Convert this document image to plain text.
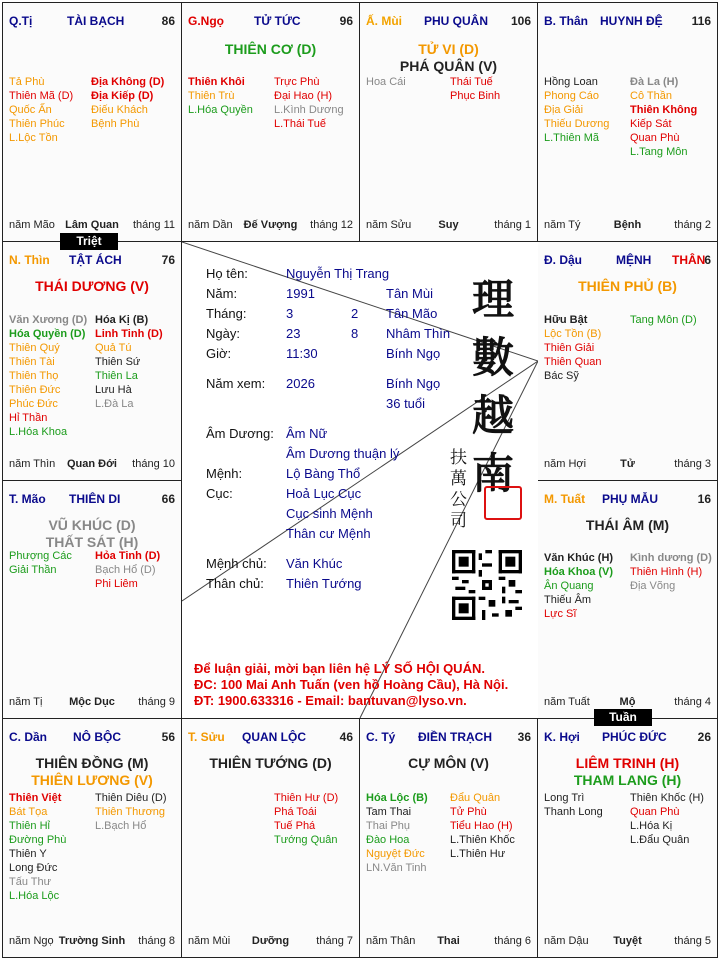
Q.Tị	TÀI BẠCH	86
Tả Phù
Thiên Mã (D)
Quốc Ấn
Thiên Phúc
L.Lộc Tồn
Địa Không (D)
Địa Kiếp (D)
Điếu Khách
Bệnh Phù
năm Mão Lâm Quan	tháng 11
G.Ngọ	TỬ TỨC	96
THIÊN CƠ (D)
Thiên Khôi
Thiên Trù
L.Hóa Quyền
Trực Phù
Đại Hao (H)
L.Kình Dương
L.Thái Tuế
năm Dần	Đế Vượng	tháng 12
Ấ. Mùi PHU QUÂN 106
TỬ VI (D)
PHÁ QUÂN (V)
Hoa Cái	Thái Tuế
Phục Binh
năm Sửu	Suy	tháng 1
B. Thân HUYNH ĐỆ 116
Hồng Loan
Phong Cáo
Địa Giải
Thiếu Dương
L.Thiên Mã
Đà La (H)
Cô Thần
Thiên Không
Kiếp Sát
Quan Phù
L.Tang Môn
năm Tý	Bệnh	tháng 2
N. Thìn TẬT ÁCH	76
THÁI DƯƠNG (V)
Văn Xương (D)
Hóa Quyền (D)
Thiên Quý
Thiên Tài
Thiên Thọ
Thiên Đức
Phúc Đức
Hỉ Thần
L.Hóa Khoa
Hóa Kị (B)
Linh Tinh (D)
Quả Tú
Thiên Sứ
Thiên La
Lưu Hà
L.Đà La
năm Thìn	Quan Đới	tháng 10
Đ. Dậu	MỆNH THÂN
6
THIÊN PHỦ (B)
Hữu Bật
Lộc Tồn (B)
Thiên Giải
Thiên Quan
Bác Sỹ
Tang Môn (D)
năm Hợi	Tử	tháng 3
T. Mão THIÊN DI	66
VŨ KHÚC (D)
THẤT SÁT (H)
Phượng Các
Giải Thần
Hỏa Tinh (D)
Bạch Hổ (D)
Phi Liêm
năm Tị	Mộc Dục	tháng 9
M. Tuất PHỤ MẪU	16
THÁI ÂM (M)
Văn Khúc (H)
Hóa Khoa (V)
Ân Quang
Thiếu Âm
Lực Sĩ
Kình dương (D)
Thiên Hình (H)
Địa Võng
năm Tuất	Mộ	tháng 4
C. Dần NÔ BỘC	56
THIÊN ĐỒNG (M)
THIÊN LƯƠNG (V)
Thiên Việt
Bát Tọa
Thiên Hỉ
Đường Phù
Thiên Y
Long Đức
Tấu Thư
L.Hóa Lộc
Thiên Diêu (D)
Thiên Thương
L.Bạch Hổ
năm Ngọ Trường Sinh	tháng 8
T. Sửu QUAN LỘC	46
THIÊN TƯỚNG (D)
Thiên Hư (D)
Phá Toái
Tuế Phá
Tướng Quân
năm Mùi	Dưỡng	tháng 7
C. Tý ĐIỀN TRẠCH 36
CỰ MÔN (V)
Hóa Lộc (B)
Tam Thai
Thai Phụ
Đào Hoa
Nguyệt Đức
LN.Văn Tinh
Đẩu Quân
Tử Phù
Tiểu Hao (H)
L.Thiên Khốc
L.Thiên Hư
năm Thân	Thai	tháng 6
K. Hợi PHÚC ĐỨC	26
LIÊM TRINH (H)
THAM LANG (H)
Long Trì
Thanh Long
Thiên Khốc (H)
Quan Phù
L.Hóa Kị
L.Đẩu Quân
năm Dậu	Tuyệt	tháng 5
Họ tên:	Nguyễn Thị Trang
Năm:	1991	Tân Mùi
Tháng:	3	2 Tân Mão
Ngày:	23	8 Nhâm Thìn
Giờ:	11:30	Bính Ngọ
Năm xem: 2026	Bính Ngọ
36 tuổi
Âm Dương: Âm Nữ
Âm Dương thuận lý
Mệnh:	Lộ Bàng Thổ
Cục:	Hoả Lục Cục
Cục sinh Mệnh
Thân cư Mệnh
Mệnh chủ: Văn Khúc
Thân chủ: Thiên Tướng
理
數
越
南
扶
萬
公
司
Để luận giải, mời bạn liên hệ LÝ SỐ HỘI QUÁN.
ĐC: 100 Mai Anh Tuấn (ven hồ Hoàng Cầu), Hà Nội.
ĐT: 1900.633316 - Email: bantuvan@lyso.vn.
Triệt
Tuần
